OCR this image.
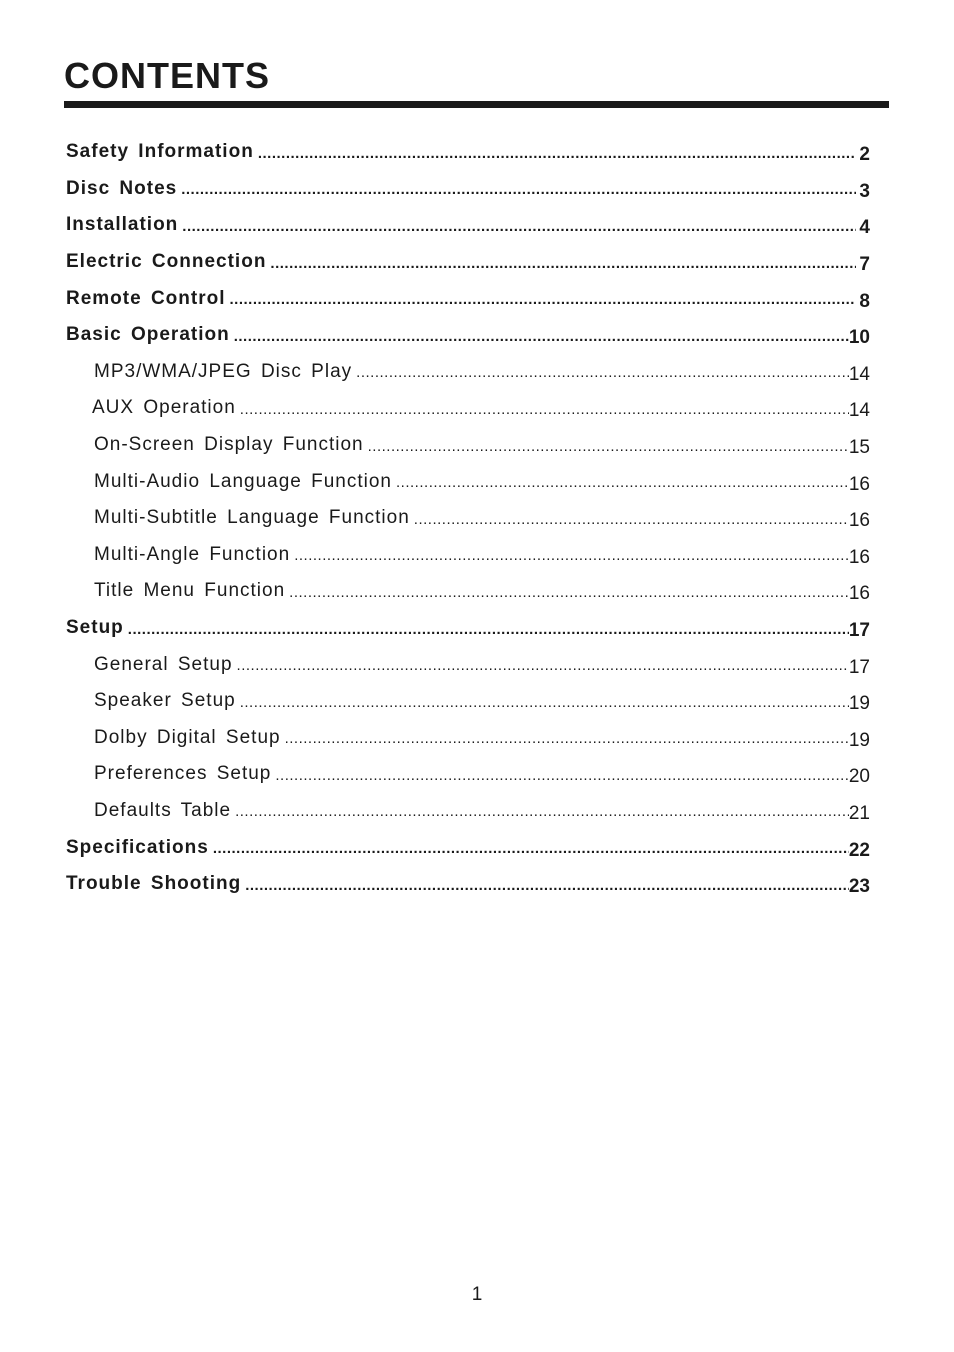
CONTENTS
Safety Information .....	2
Disc Notes .....	3
Installation .....	4
Electric Connection .....	7
Remote Control .....	8
Basic Operation .....	10
MP3/WMA/JPEG Disc Play .....	14
AUX Operation .....	14
On-Screen Display Function .....	15
Multi-Audio Language Function .....	16
Multi-Subtitle Language Function .....	16
Multi-Angle Function .....	16
Title Menu Function .....	16
Setup .....	17
General Setup .....	17
Speaker Setup .....	19
Dolby Digital Setup .....	19
Preferences Setup .....	20
Defaults Table .....	21
Specifications .....	22
Trouble Shooting .....	23
1
